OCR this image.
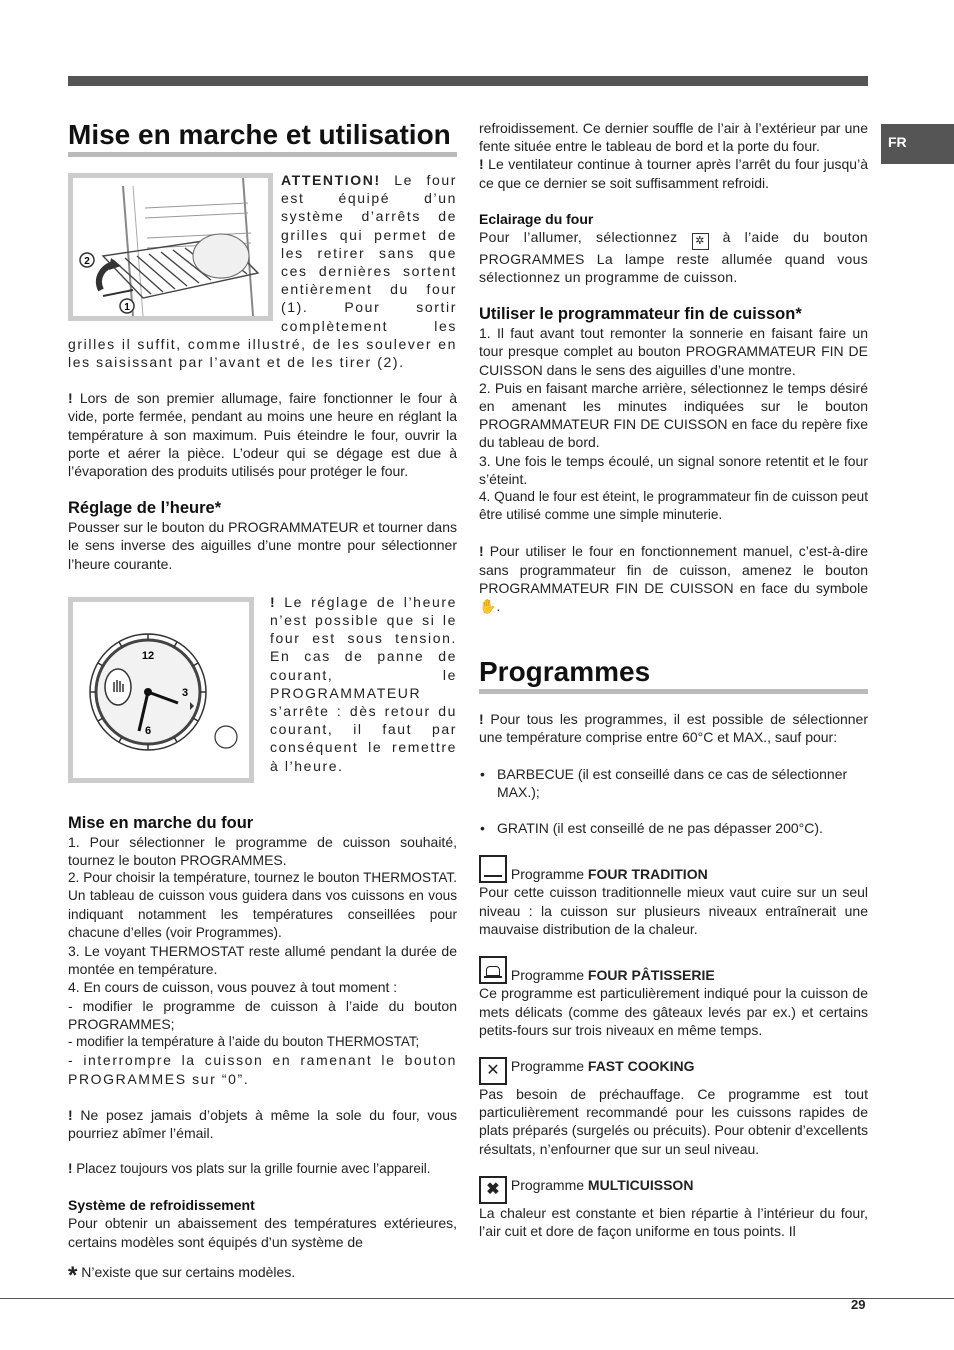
FR
Mise en marche et utilisation
2
1

ATTENTION! Le four est équipé d’un système d’arrêts de grilles qui permet de les retirer sans que ces dernières sortent entièrement du four (1). Pour sortir complètement les grilles il suffit, comme illustré, de les soulever en les saisissant par l’avant et de les tirer (2).

! Lors de son premier allumage, faire fonctionner le four à vide, porte fermée, pendant au moins une heure en réglant la température à son maximum. Puis éteindre le four, ouvrir la porte et aérer la pièce. L’odeur qui se dégage est due à l’évaporation des produits utilisés pour protéger le four.

Réglage de l’heure*

Pousser sur le bouton du PROGRAMMATEUR et tourner dans le sens inverse des aiguilles d’une montre pour sélectionner l’heure courante.

12
3
6

! Le réglage de l’heure n’est possible que si le four est sous tension. En cas de panne de courant, le PROGRAMMATEUR s’arrête : dès retour du courant, il faut par conséquent le remettre à l’heure.

Mise en marche du four

1. Pour sélectionner le programme de cuisson souhaité, tournez le bouton PROGRAMMES.

2. Pour choisir la température, tournez le bouton THERMOSTAT. Un tableau de cuisson vous guidera dans vos cuissons en vous indiquant notamment les températures conseillées pour chacune d’elles (voir Programmes).

3. Le voyant THERMOSTAT reste allumé pendant la durée de montée en température.

4. En cours de cuisson, vous pouvez à tout moment :

- modifier le programme de cuisson à l’aide du bouton PROGRAMMES;

- modifier la température à l’aide du bouton THERMOSTAT;

- interrompre la cuisson en ramenant le bouton PROGRAMMES sur “0”.

! Ne posez jamais d’objets à même la sole du four, vous pourriez abîmer l’émail.

! Placez toujours vos plats sur la grille fournie avec l’appareil.

Système de refroidissement

Pour obtenir un abaissement des températures extérieures, certains modèles sont équipés d’un système de

* N’existe que sur certains modèles.

refroidissement. Ce dernier souffle de l’air à l’extérieur par une fente située entre le tableau de bord et la porte du four.

! Le ventilateur continue à tourner après l’arrêt du four jusqu’à ce que ce dernier se soit suffisamment refroidi.

Eclairage du four

Pour l’allumer, sélectionnez ✲ à l’aide du bouton PROGRAMMES La lampe reste allumée quand vous sélectionnez un programme de cuisson.

Utiliser le programmateur fin de cuisson*

1. Il faut avant tout remonter la sonnerie en faisant faire un tour presque complet au bouton PROGRAMMATEUR FIN DE CUISSON dans le sens des aiguilles d’une montre.

2. Puis en faisant marche arrière, sélectionnez le temps désiré en amenant les minutes indiquées sur le bouton PROGRAMMATEUR FIN DE CUISSON en face du repère fixe du tableau de bord.

3. Une fois le temps écoulé, un signal sonore retentit et le four s’éteint.

4. Quand le four est éteint, le programmateur fin de cuisson peut être utilisé comme une simple minuterie.

! Pour utiliser le four en fonctionnement manuel, c’est-à-dire sans programmateur fin de cuisson, amenez le bouton PROGRAMMATEUR FIN DE CUISSON en face du symbole ✋.

Programmes

! Pour tous les programmes, il est possible de sélectionner une température comprise entre 60°C et MAX., sauf pour:

• BARBECUE (il est conseillé dans ce cas de sélectionner MAX.);
• GRATIN (il est conseillé de ne pas dépasser 200°C).
Programme FOUR TRADITION

Pour cette cuisson traditionnelle mieux vaut cuire sur un seul niveau : la cuisson sur plusieurs niveaux entraînerait une mauvaise distribution de la chaleur.

Programme FOUR PÂTISSERIE

Ce programme est particulièrement indiqué pour la cuisson de mets délicats (comme des gâteaux levés par ex.) et certains petits-fours sur trois niveaux en même temps.

✕ Programme FAST COOKING

Pas besoin de préchauffage. Ce programme est tout particulièrement recommandé pour les cuissons rapides de plats préparés (surgelés ou précuits). Pour obtenir d’excellents résultats, n’enfourner que sur un seul niveau.

✖ Programme MULTICUISSON

La chaleur est constante et bien répartie à l’intérieur du four, l’air cuit et dore de façon uniforme en tous points. Il

29
